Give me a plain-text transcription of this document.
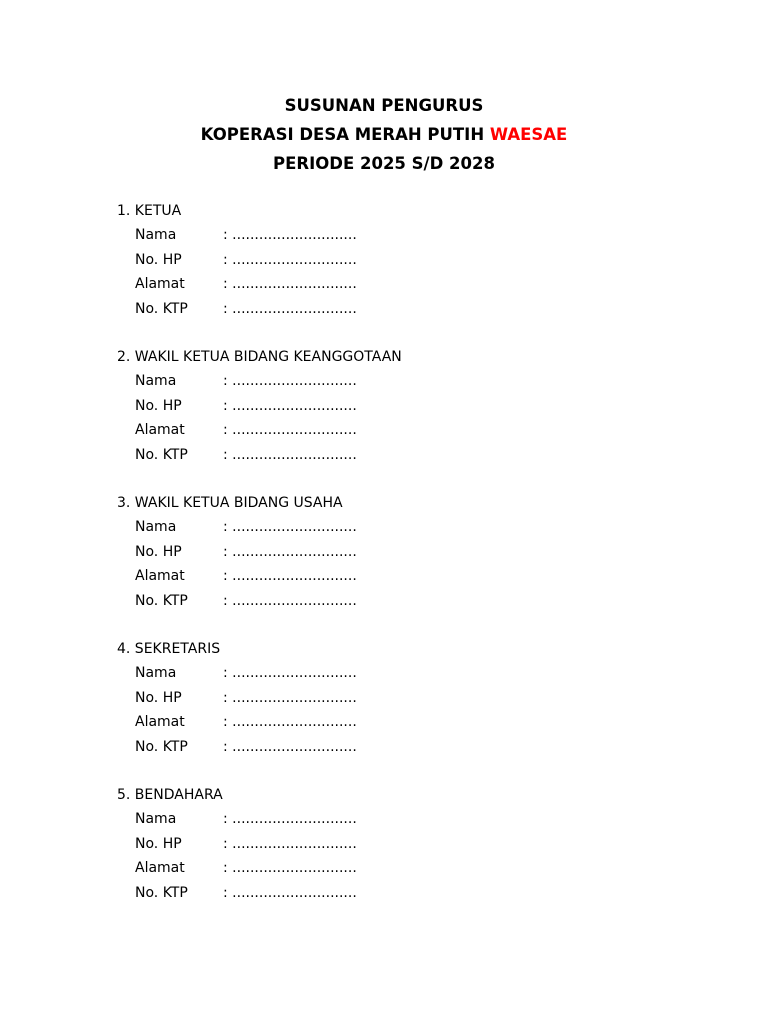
SUSUNAN PENGURUS
KOPERASI DESA MERAH PUTIH WAESAE
PERIODE 2025 S/D 2028
1. KETUA
Nama	: ............................
No. HP	: ............................
Alamat	: ............................
No. KTP	: ............................
2. WAKIL KETUA BIDANG KEANGGOTAAN
Nama	: ............................
No. HP	: ............................
Alamat	: ............................
No. KTP	: ............................
3. WAKIL KETUA BIDANG USAHA
Nama	: ............................
No. HP	: ............................
Alamat	: ............................
No. KTP	: ............................
4. SEKRETARIS
Nama	: ............................
No. HP	: ............................
Alamat	: ............................
No. KTP	: ............................
5. BENDAHARA
Nama	: ............................
No. HP	: ............................
Alamat	: ............................
No. KTP	: ............................
